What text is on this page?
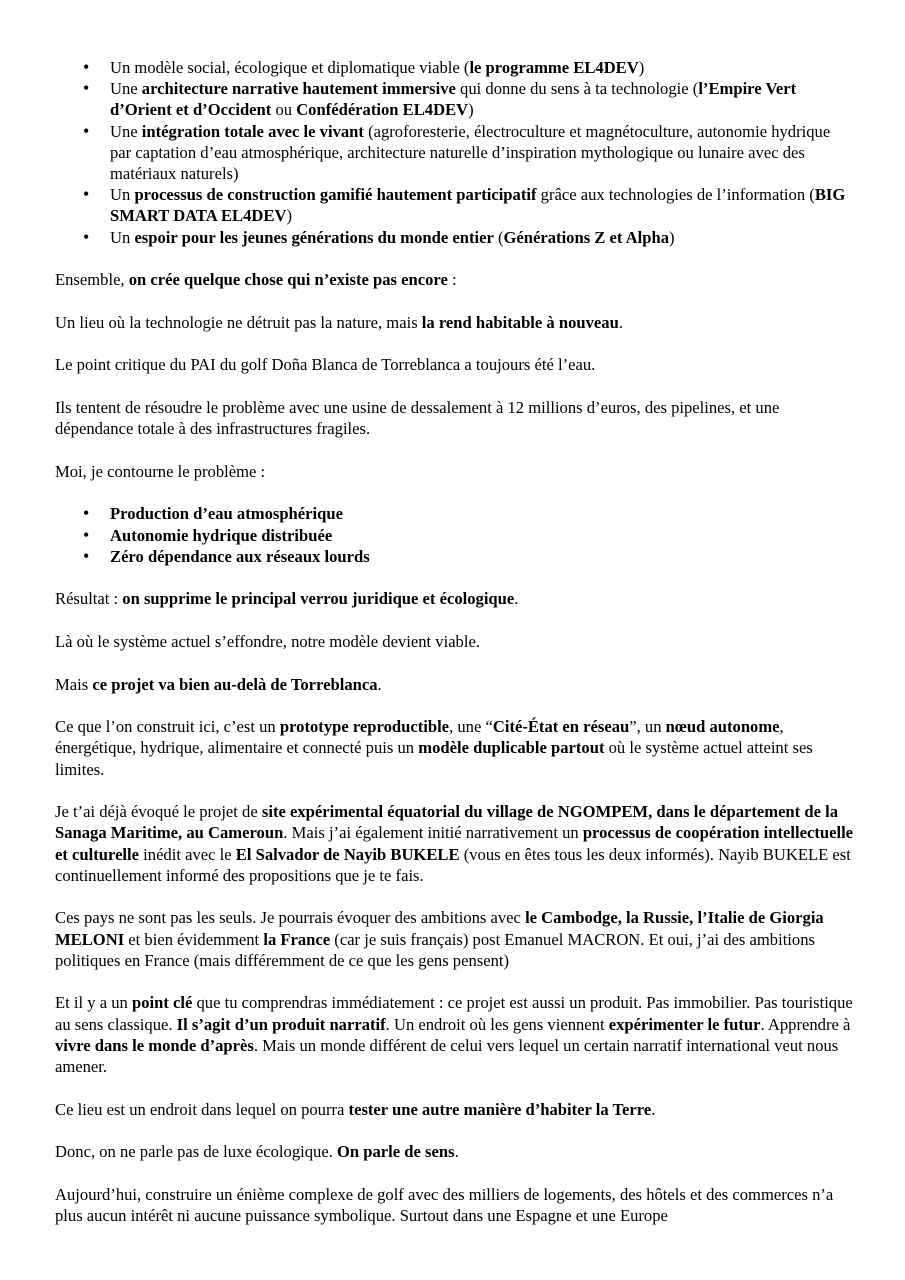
• Un modèle social, écologique et diplomatique viable (le programme EL4DEV)
• Une architecture narrative hautement immersive qui donne du sens à ta technologie (l’Empire Vert d’Orient et d’Occident ou Confédération EL4DEV)
• Une intégration totale avec le vivant (agroforesterie, électroculture et magnétoculture, autonomie hydrique par captation d’eau atmosphérique, architecture naturelle d’inspiration mythologique ou lunaire avec des matériaux naturels)
• Un processus de construction gamifié hautement participatif grâce aux technologies de l’information (BIG SMART DATA EL4DEV)
• Un espoir pour les jeunes générations du monde entier (Générations Z et Alpha)

Ensemble, on crée quelque chose qui n’existe pas encore :

Un lieu où la technologie ne détruit pas la nature, mais la rend habitable à nouveau.

Le point critique du PAI du golf Doña Blanca de Torreblanca a toujours été l’eau.

Ils tentent de résoudre le problème avec une usine de dessalement à 12 millions d’euros, des pipelines, et une dépendance totale à des infrastructures fragiles.

Moi, je contourne le problème :

• Production d’eau atmosphérique
• Autonomie hydrique distribuée
• Zéro dépendance aux réseaux lourds

Résultat : on supprime le principal verrou juridique et écologique.

Là où le système actuel s’effondre, notre modèle devient viable.

Mais ce projet va bien au-delà de Torreblanca.

Ce que l’on construit ici, c’est un prototype reproductible, une “Cité-État en réseau”, un nœud autonome, énergétique, hydrique, alimentaire et connecté puis un modèle duplicable partout où le système actuel atteint ses limites.

Je t’ai déjà évoqué le projet de site expérimental équatorial du village de NGOMPEM, dans le département de la Sanaga Maritime, au Cameroun. Mais j’ai également initié narrativement un processus de coopération intellectuelle et culturelle inédit avec le El Salvador de Nayib BUKELE (vous en êtes tous les deux informés). Nayib BUKELE est continuellement informé des propositions que je te fais.

Ces pays ne sont pas les seuls. Je pourrais évoquer des ambitions avec le Cambodge, la Russie, l’Italie de Giorgia MELONI et bien évidemment la France (car je suis français) post Emanuel MACRON. Et oui, j’ai des ambitions politiques en France (mais différemment de ce que les gens pensent)

Et il y a un point clé que tu comprendras immédiatement : ce projet est aussi un produit. Pas immobilier. Pas touristique au sens classique. Il s’agit d’un produit narratif. Un endroit où les gens viennent expérimenter le futur. Apprendre à vivre dans le monde d’après. Mais un monde différent de celui vers lequel un certain narratif international veut nous amener.

Ce lieu est un endroit dans lequel on pourra tester une autre manière d’habiter la Terre.

Donc, on ne parle pas de luxe écologique. On parle de sens.

Aujourd’hui, construire un énième complexe de golf avec des milliers de logements, des hôtels et des commerces n’a plus aucun intérêt ni aucune puissance symbolique. Surtout dans une Espagne et une Europe
